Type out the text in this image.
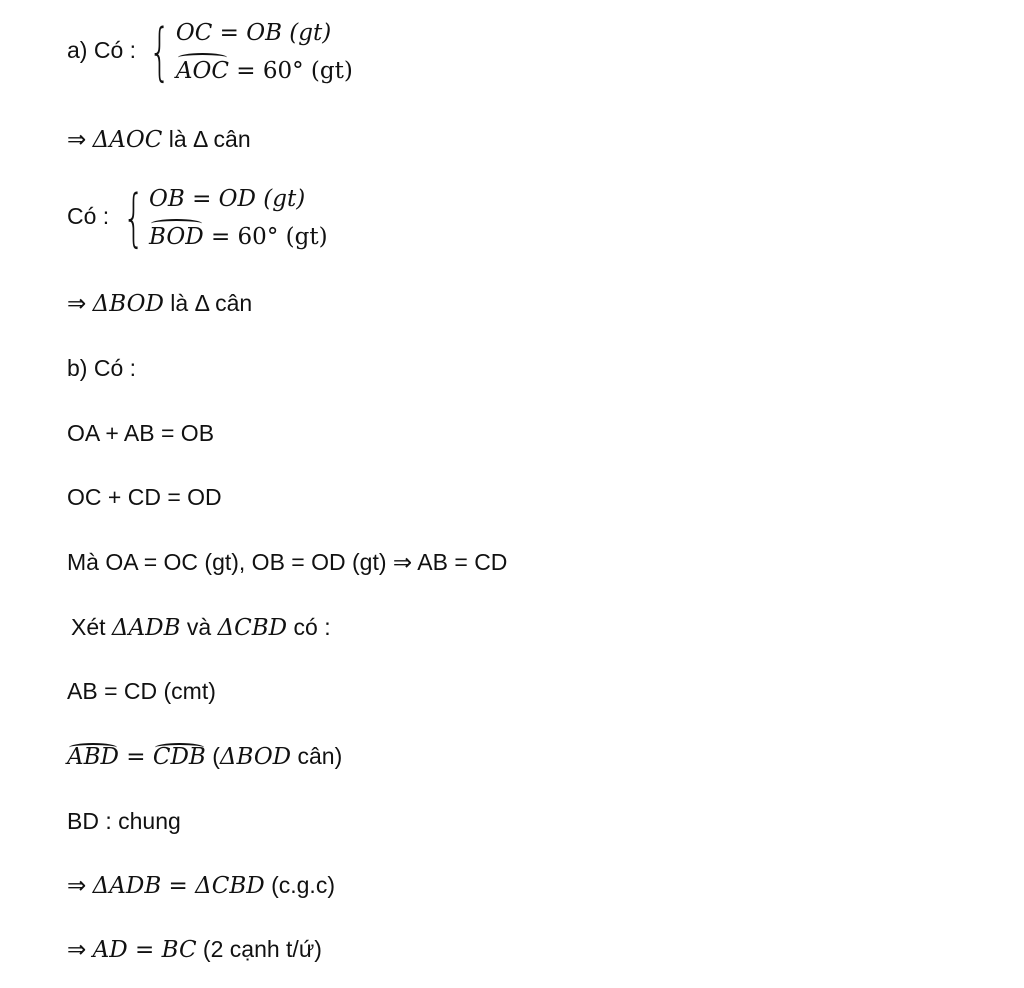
a) Có : { OC = OB (gt)
AOC = 60° (gt)
⇒ ΔAOC là Δ cân
Có : { OB = OD (gt)
BOD = 60° (gt)
⇒ ΔBOD là Δ cân
b) Có :
OA + AB = OB
OC + CD = OD
Mà OA = OC (gt), OB = OD (gt) ⇒ AB = CD
Xét ΔADB và ΔCBD có :
AB = CD (cmt)
ABD = CDB (ΔBOD cân)
BD : chung
⇒ ΔADB = ΔCBD (c.g.c)
⇒ AD = BC (2 cạnh t/ứ)
